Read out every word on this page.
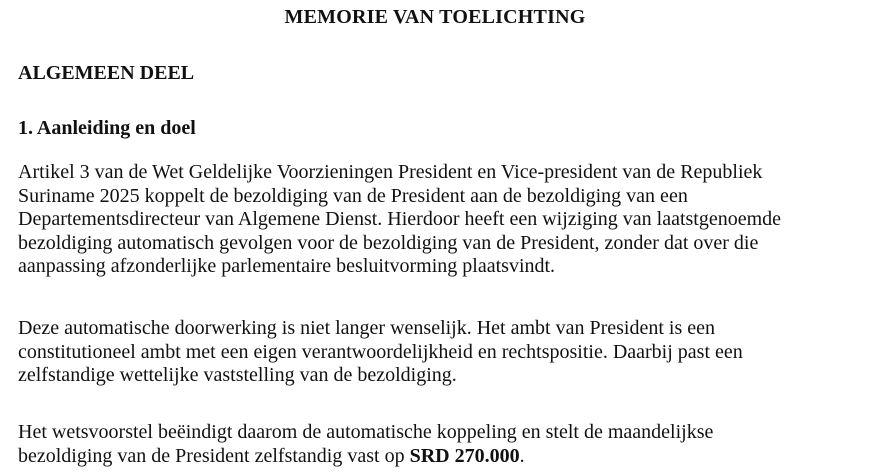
MEMORIE VAN TOELICHTING
ALGEMEEN DEEL
1. Aanleiding en doel

Artikel 3 van de Wet Geldelijke Voorzieningen President en Vice-president van de Republiek
Suriname 2025 koppelt de bezoldiging van de President aan de bezoldiging van een
Departementsdirecteur van Algemene Dienst. Hierdoor heeft een wijziging van laatstgenoemde
bezoldiging automatisch gevolgen voor de bezoldiging van de President, zonder dat over die
aanpassing afzonderlijke parlementaire besluitvorming plaatsvindt.

Deze automatische doorwerking is niet langer wenselijk. Het ambt van President is een
constitutioneel ambt met een eigen verantwoordelijkheid en rechtspositie. Daarbij past een
zelfstandige wettelijke vaststelling van de bezoldiging.

Het wetsvoorstel beëindigt daarom de automatische koppeling en stelt de maandelijkse
bezoldiging van de President zelfstandig vast op SRD 270.000.
